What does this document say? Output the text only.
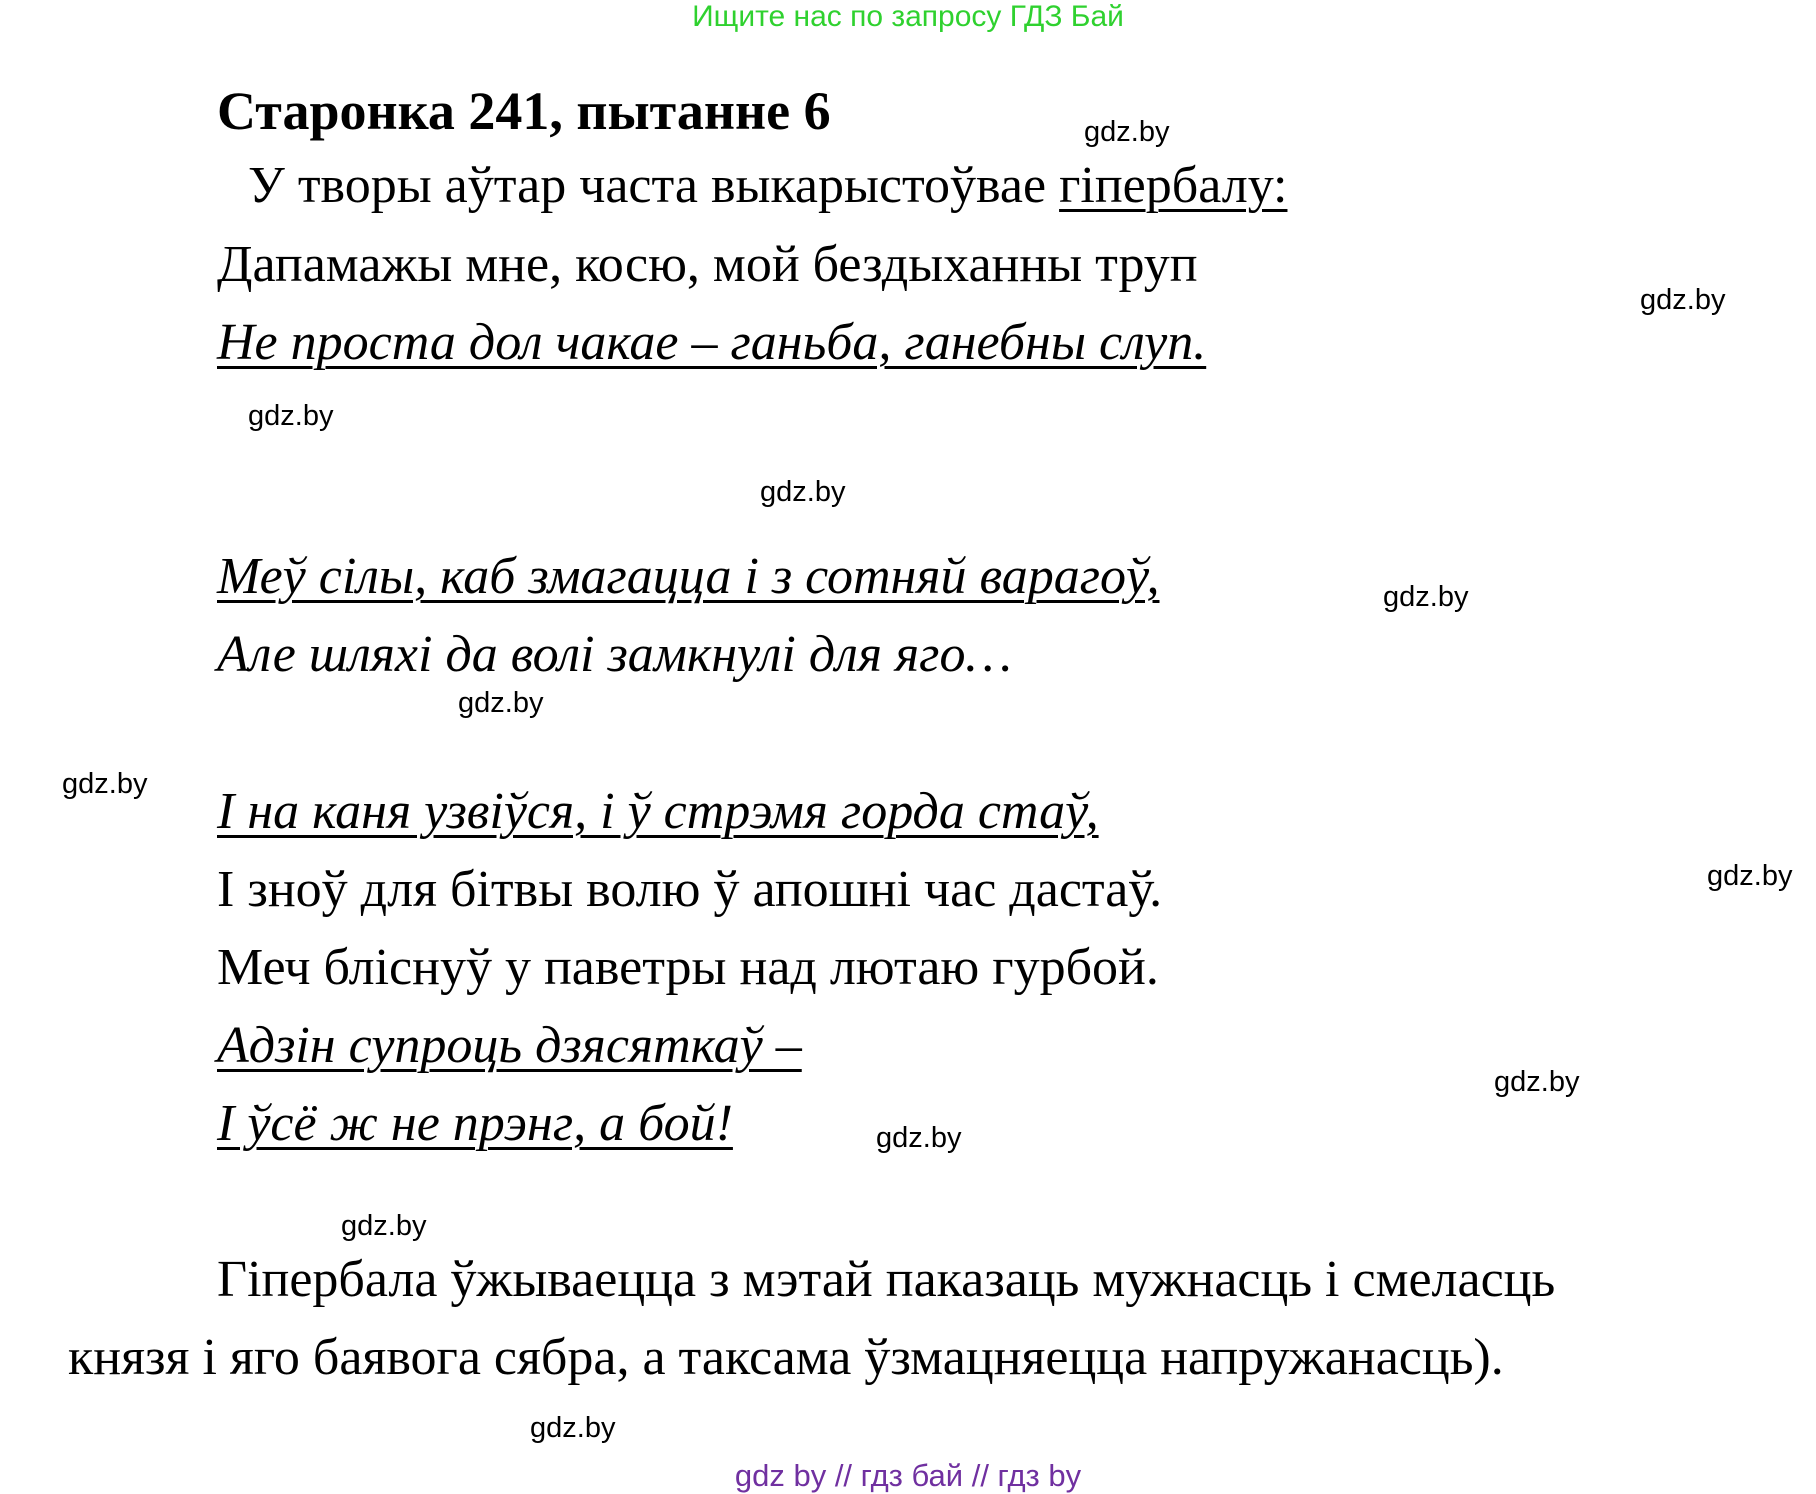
Ищите нас по запросу ГДЗ Бай
Старонка 241, пытанне 6
У творы аўтар часта выкарыстоўвае гіпербалу:
Дапамажы мне, косю, мой бездыханны труп
Не проста дол чакае – ганьба, ганебны слуп.
Меў сілы, каб змагацца і з сотняй варагоў,
Але шляхі да волі замкнулі для яго…
І на каня узвіўся, і ў стрэмя горда стаў,
І зноў для бітвы волю ў апошні час дастаў.
Меч бліснуў у паветры над лютаю гурбой.
Адзін супроць дзясяткаў –
І ўсё ж не прэнг, а бой!
Гіпербала ўжываецца з мэтай паказаць мужнасць і смеласць
князя і яго баявога сябра, а таксама ўзмацняецца напружанасць).
gdz.by
gdz.by
gdz.by
gdz.by
gdz.by
gdz.by
gdz.by
gdz.by
gdz.by
gdz.by
gdz.by
gdz.by
gdz by // гдз бай // гдз by
